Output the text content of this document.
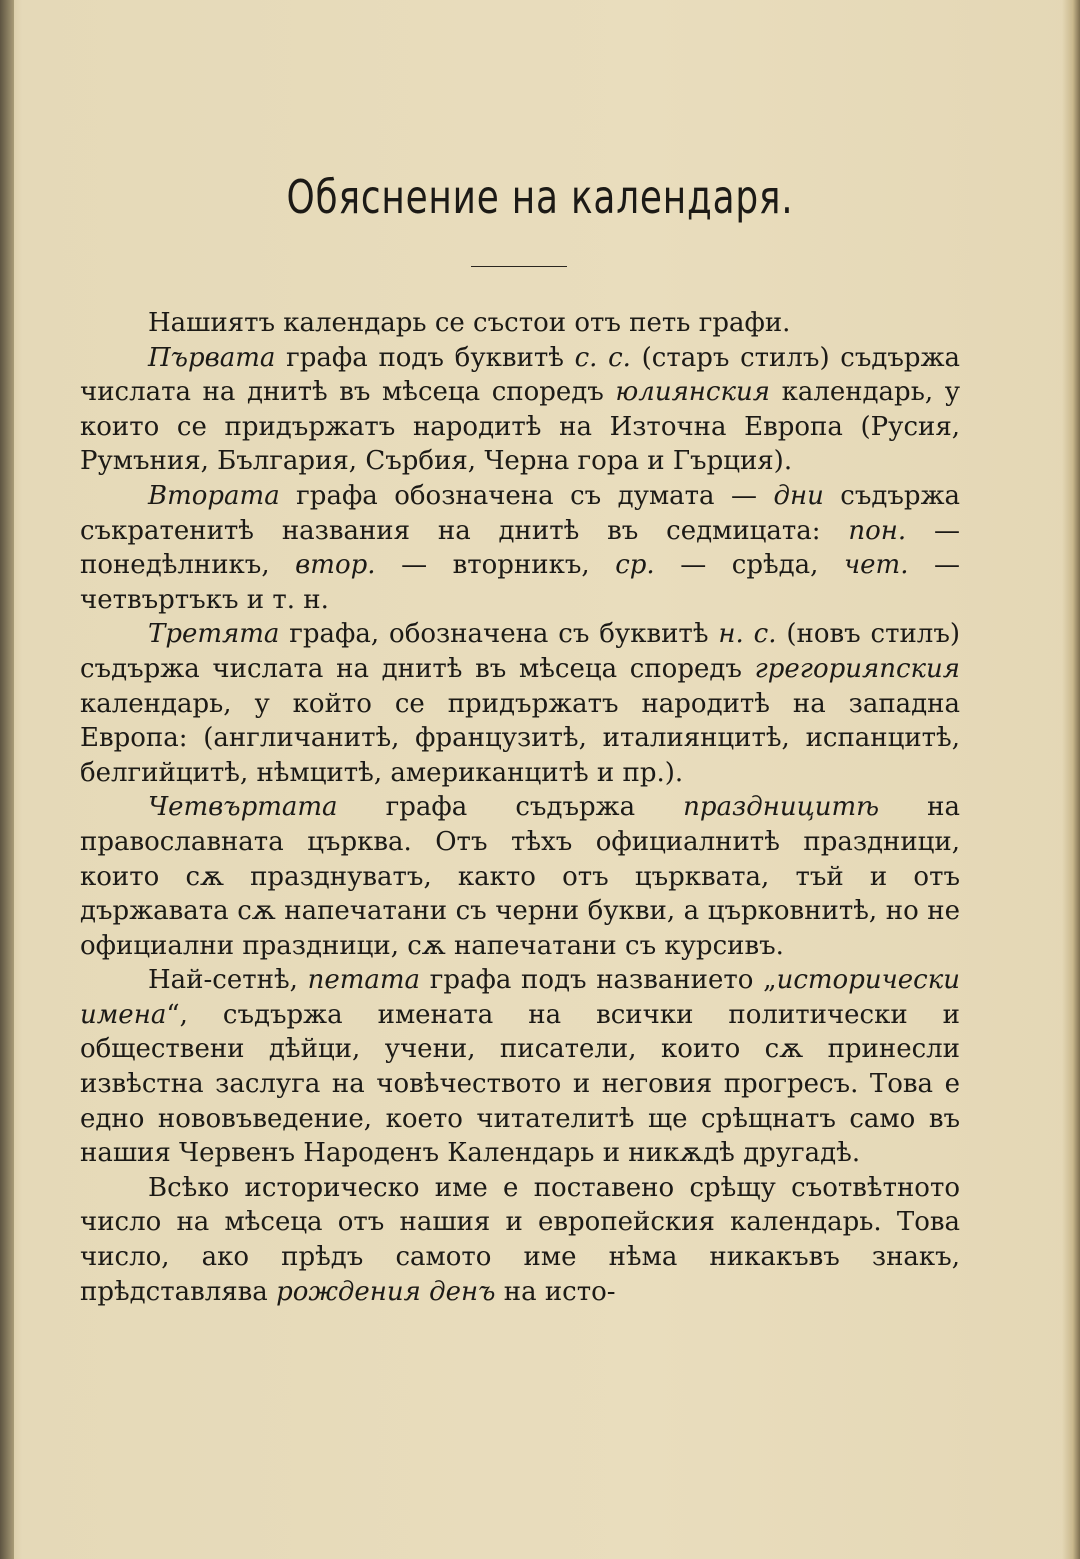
Обяснение на календаря.

Нашиятъ календарь се състои отъ петь графи.

Първата графа подъ буквитѣ с. с. (старъ стилъ) съдържа числата на днитѣ въ мѣсеца споредъ юлиянския календарь, у които се придържатъ народитѣ на Източна Европа (Русия, Румъния, България, Сърбия, Черна гора и Гърция).

Втората графа обозначена съ думата — дни съдържа съкратенитѣ названия на днитѣ въ седмицата: пон. — понедѣлникъ, втор. — вторникъ, ср. — срѣда, чет. — четвъртъкъ и т. н.

Третята графа, обозначена съ буквитѣ н. с. (новъ стилъ) съдържа числата на днитѣ въ мѣсеца споредъ грегорияпския календарь, у който се придържатъ народитѣ на западна Европа: (англичанитѣ, французитѣ, италиянцитѣ, испанцитѣ, белгийцитѣ, нѣмцитѣ, американцитѣ и пр.).

Четвъртата графа съдържа праздницитѣ на православната църква. Отъ тѣхъ официалнитѣ праздници, които сѫ празднуватъ, както отъ църквата, тъй и отъ държавата сѫ напечатани съ черни букви, а църковнитѣ, но не официални праздници, сѫ напечатани съ курсивъ.

Най-сетнѣ, петата графа подъ названието „исторически имена“, съдържа имената на всички политически и обществени дѣйци, учени, писатели, които сѫ принесли извѣстна заслуга на човѣчеството и неговия прогресъ. Това е едно нововъведение, което читателитѣ ще срѣщнатъ само въ нашия Червенъ Народенъ Календарь и никѫдѣ другадѣ.

Всѣко историческо име е поставено срѣщу съотвѣтното число на мѣсеца отъ нашия и европейския календарь. Това число, ако прѣдъ самото име нѣма никакъвъ знакъ, прѣдставлява рождения денъ на исто-
